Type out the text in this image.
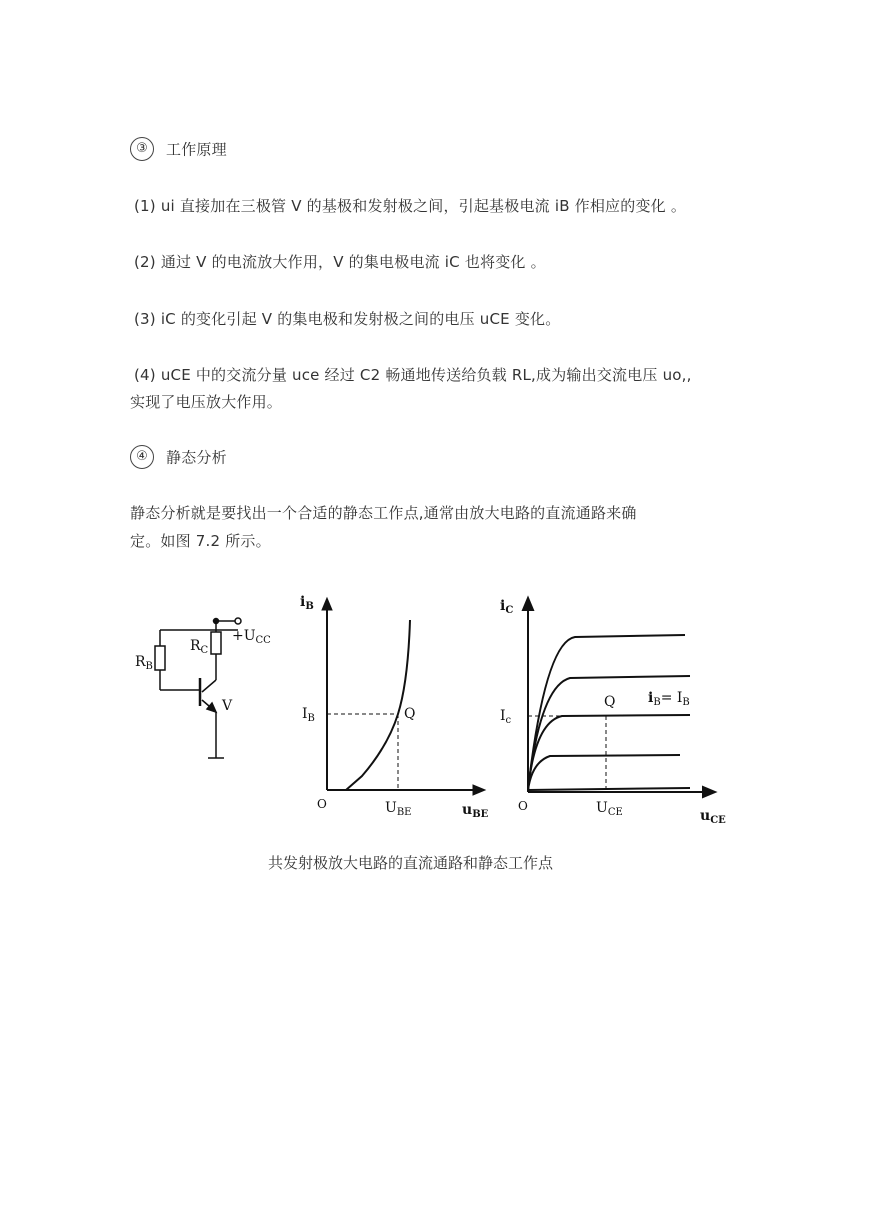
③ 工作原理
(1) ui 直接加在三极管 V 的基极和发射极之间，引起基极电流 iB 作相应的变化 。
(2) 通过 V 的电流放大作用，V 的集电极电流 iC 也将变化 。
(3) iC 的变化引起 V 的集电极和发射极之间的电压 uCE 变化。
(4) uCE 中的交流分量 uce 经过 C2 畅通地传送给负载 RL,成为输出交流电压 uo,,
实现了电压放大作用。
④ 静态分析
静态分析就是要找出一个合适的静态工作点,通常由放大电路的直流通路来确
定。如图 7.2 所示。
$R_B$
$R_C$
$+U_{CC}$
V
$i_B$
$I_B$	Q
O	$U_{BE}$	$u_{BE}$
$i_C$
$I_c$
Q $i_B= I_B$
O	$U_{CE}$	$u_{CE}$
共发射极放大电路的直流通路和静态工作点
